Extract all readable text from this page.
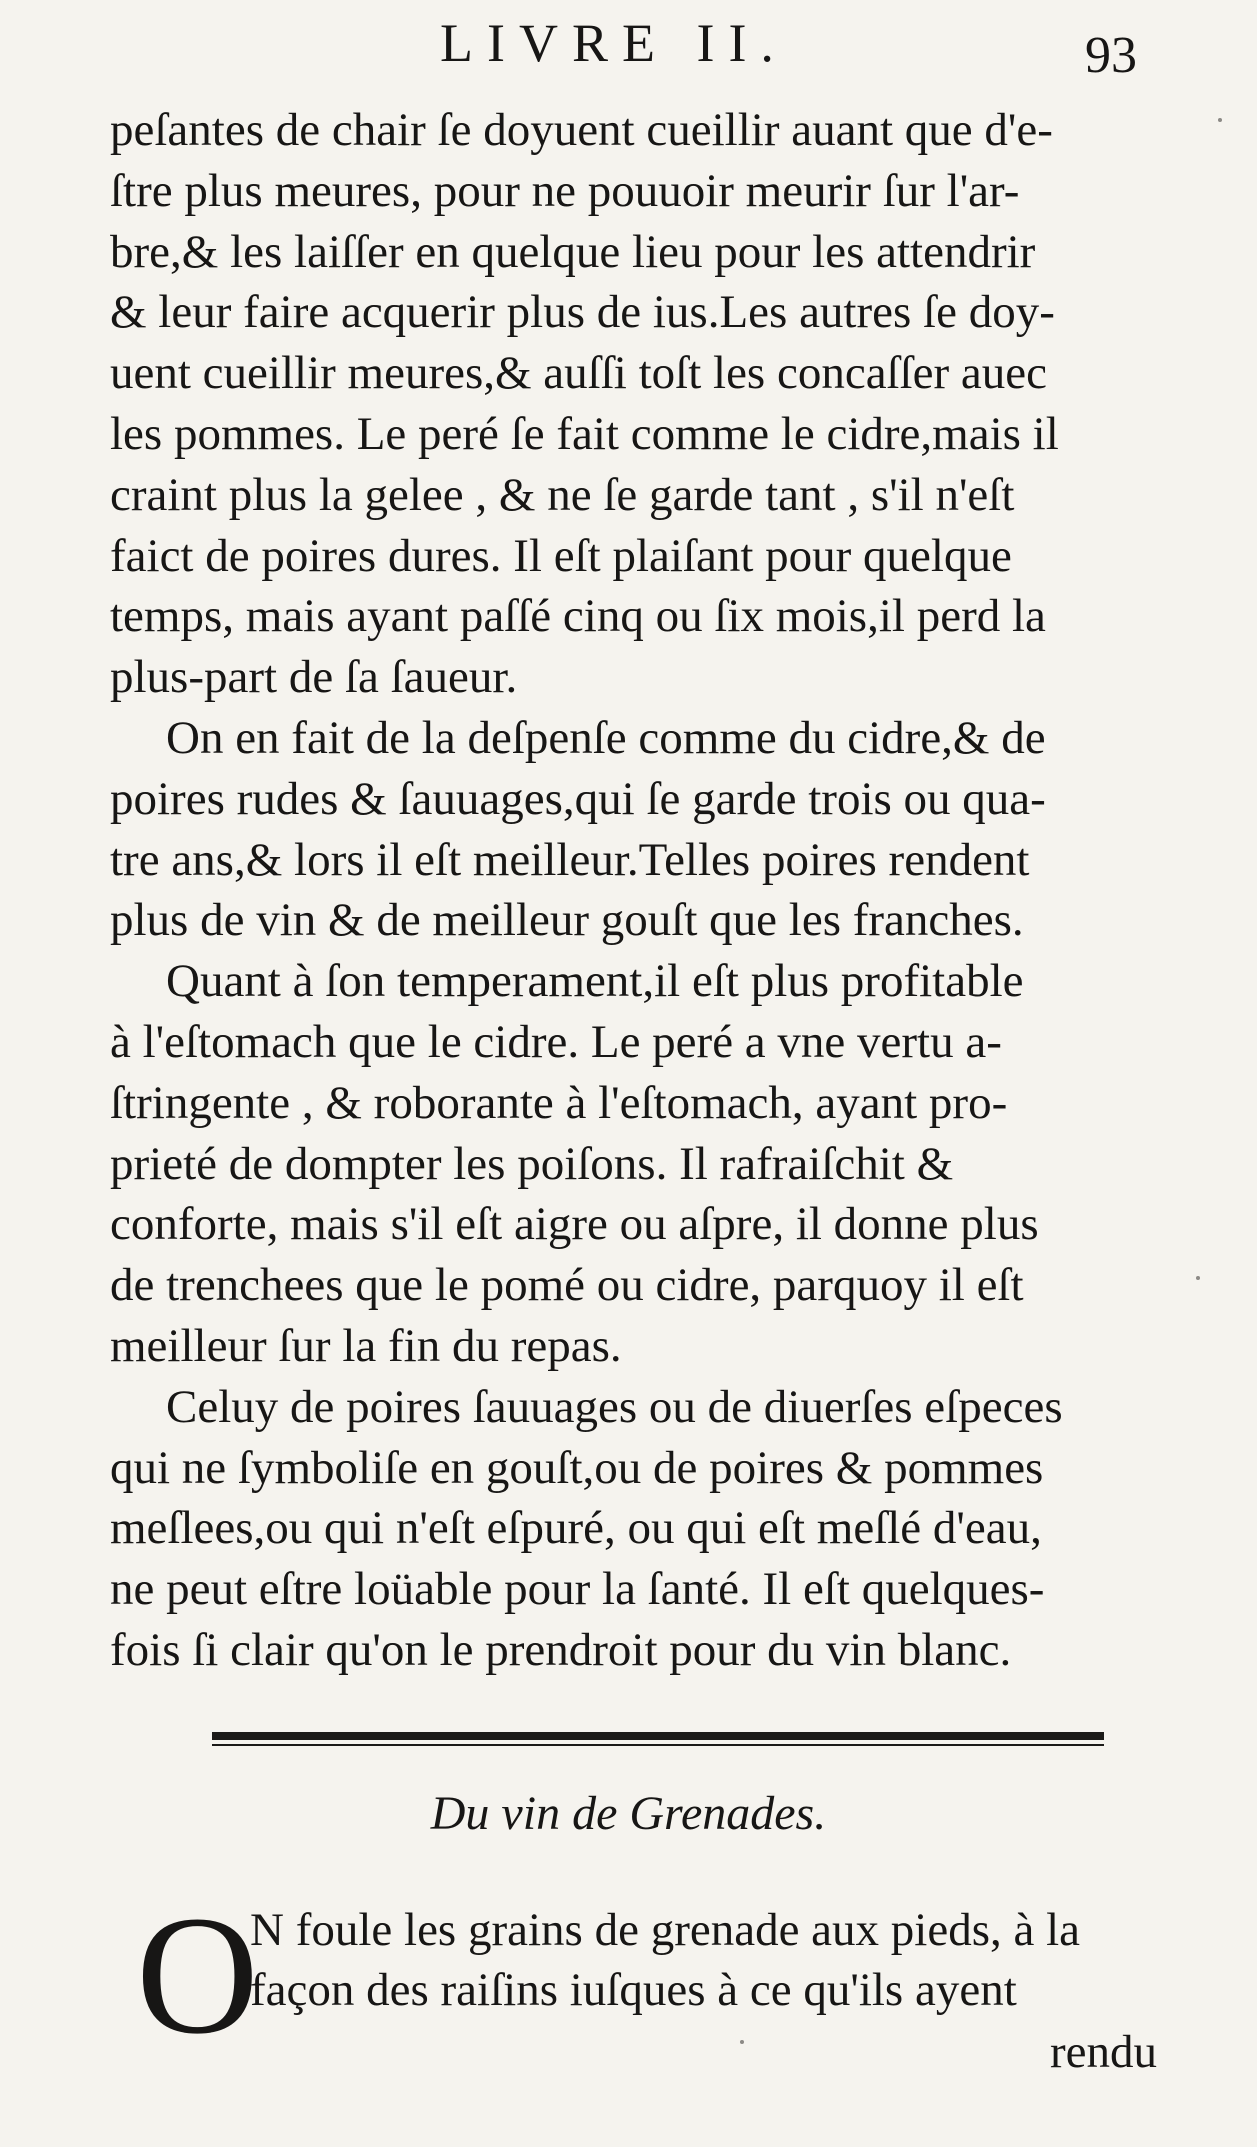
LIVRE II.	93
peſantes de chair ſe doyuent cueillir auant que d'e-
ſtre plus meures, pour ne pouuoir meurir ſur l'ar-
bre,& les laiſſer en quelque lieu pour les attendrir
& leur faire acquerir plus de ius.Les autres ſe doy-
uent cueillir meures,& auſſi toſt les concaſſer auec
les pommes. Le peré ſe fait comme le cidre,mais il
craint plus la gelee , & ne ſe garde tant , s'il n'eſt
faict de poires dures. Il eſt plaiſant pour quelque
temps, mais ayant paſſé cinq ou ſix mois,il perd la
plus-part de ſa ſaueur.
On en fait de la deſpenſe comme du cidre,& de
poires rudes & ſauuages,qui ſe garde trois ou qua-
tre ans,& lors il eſt meilleur.Telles poires rendent
plus de vin & de meilleur gouſt que les franches.
Quant à ſon temperament,il eſt plus profitable
à l'eſtomach que le cidre. Le peré a vne vertu a-
ſtringente , & roborante à l'eſtomach, ayant pro-
prieté de dompter les poiſons. Il rafraiſchit &
conforte, mais s'il eſt aigre ou aſpre, il donne plus
de trenchees que le pomé ou cidre, parquoy il eſt
meilleur ſur la fin du repas.
Celuy de poires ſauuages ou de diuerſes eſpeces
qui ne ſymboliſe en gouſt,ou de poires & pommes
meſlees,ou qui n'eſt eſpuré, ou qui eſt meſlé d'eau,
ne peut eſtre loüable pour la ſanté. Il eſt quelques-
fois ſi clair qu'on le prendroit pour du vin blanc.
Du vin de Grenades.
O
N foule les grains de grenade aux pieds, à la
façon des raiſins iuſques à ce qu'ils ayent
rendu
